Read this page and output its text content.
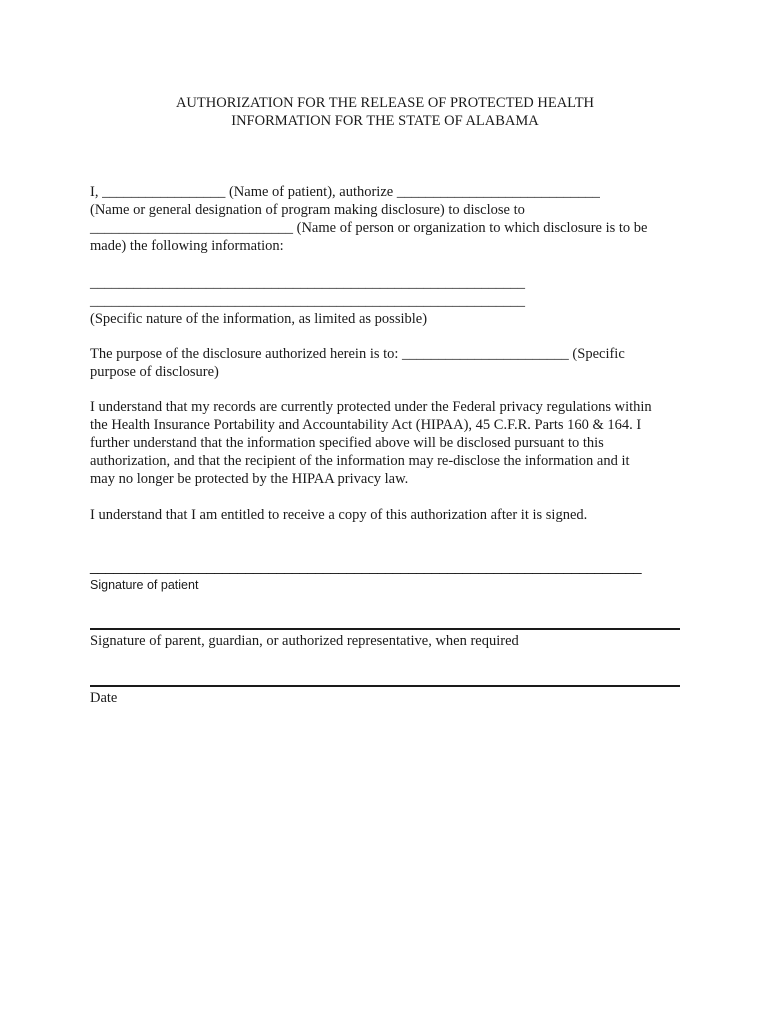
AUTHORIZATION FOR THE RELEASE OF PROTECTED HEALTH
INFORMATION FOR THE STATE OF ALABAMA
I, _________________ (Name of patient), authorize ____________________________
(Name or general designation of program making disclosure) to disclose to
____________________________ (Name of person or organization to which disclosure is to be
made) the following information:
____________________________________________________________
____________________________________________________________
(Specific nature of the information, as limited as possible)
The purpose of the disclosure authorized herein is to: _______________________ (Specific
purpose of disclosure)
I understand that my records are currently protected under the Federal privacy regulations within
the Health Insurance Portability and Accountability Act (HIPAA), 45 C.F.R. Parts 160 & 164. I
further understand that the information specified above will be disclosed pursuant to this
authorization, and that the recipient of the information may re-disclose the information and it
may no longer be protected by the HIPAA privacy law.
I understand that I am entitled to receive a copy of this authorization after it is signed.
_______________________________________________________________________
Signature of patient
Signature of parent, guardian, or authorized representative, when required
Date
